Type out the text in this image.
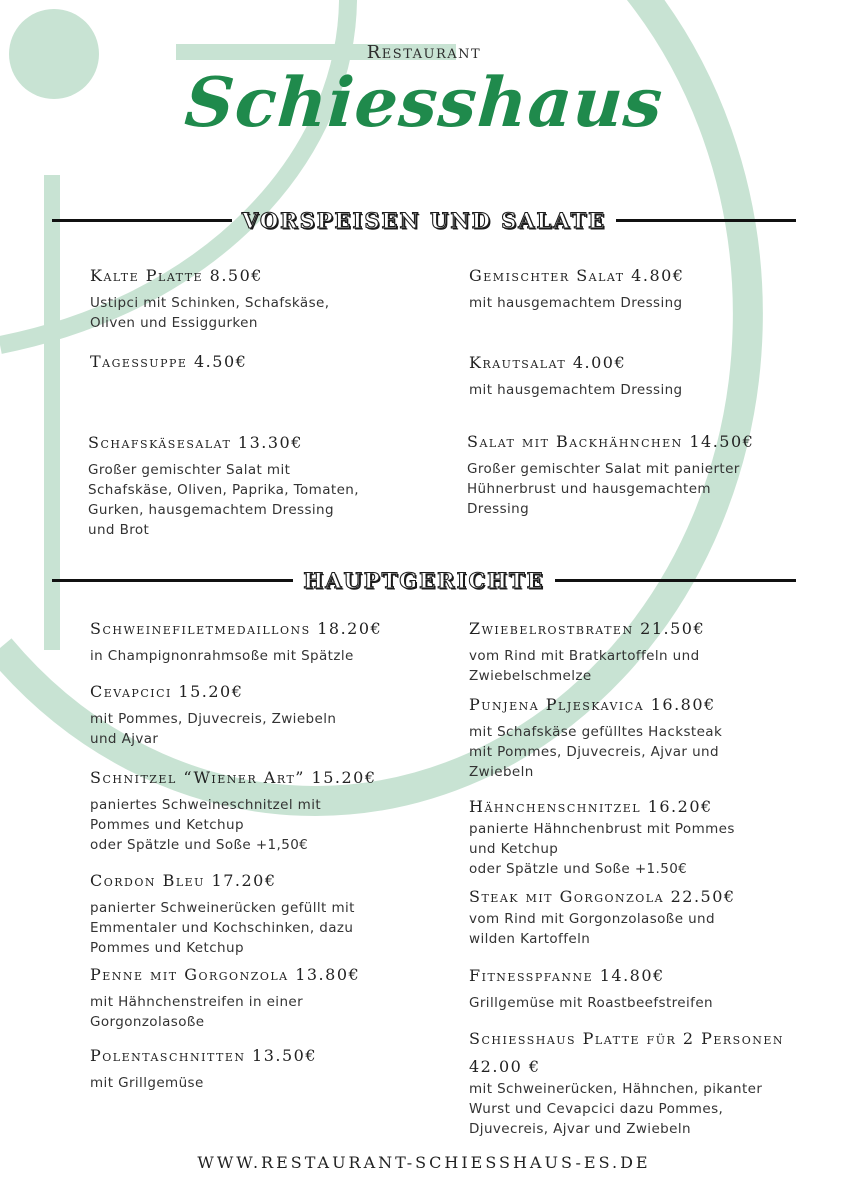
Restaurant
Schiesshaus
VORSPEISEN UND SALATE
Kalte Platte 8.50€
Ustipci mit Schinken, Schafskäse,
Oliven und Essiggurken
Gemischter Salat 4.80€
mit hausgemachtem Dressing
Tagessuppe 4.50€	Krautsalat 4.00€
mit hausgemachtem Dressing
Schafskäsesalat 13.30€
Großer gemischter Salat mit
Schafskäse, Oliven, Paprika, Tomaten,
Gurken, hausgemachtem Dressing
und Brot
Salat mit Backhähnchen 14.50€
Großer gemischter Salat mit panierter
Hühnerbrust und hausgemachtem
Dressing
HAUPTGERICHTE
Schweinefiletmedaillons 18.20€
in Champignonrahmsoße mit Spätzle
Cevapcici 15.20€
mit Pommes, Djuvecreis, Zwiebeln
und Ajvar
Schnitzel “Wiener Art” 15.20€
paniertes Schweineschnitzel mit
Pommes und Ketchup
oder Spätzle und Soße +1,50€
Cordon Bleu 17.20€
panierter Schweinerücken gefüllt mit
Emmentaler und Kochschinken, dazu
Pommes und Ketchup
Penne mit Gorgonzola 13.80€
mit Hähnchenstreifen in einer
Gorgonzolasoße
Polentaschnitten 13.50€
mit Grillgemüse
Zwiebelrostbraten 21.50€
vom Rind mit Bratkartoffeln und
Zwiebelschmelze
Punjena Pljeskavica 16.80€
mit Schafskäse gefülltes Hacksteak
mit Pommes, Djuvecreis, Ajvar und
Zwiebeln
Hähnchenschnitzel 16.20€
panierte Hähnchenbrust mit Pommes
und Ketchup
oder Spätzle und Soße +1.50€
Steak mit Gorgonzola 22.50€
vom Rind mit Gorgonzolasoße und
wilden Kartoffeln
Fitnesspfanne 14.80€
Grillgemüse mit Roastbeefstreifen
Schiesshaus Platte für 2 Personen
42.00 €
mit Schweinerücken, Hähnchen, pikanter
Wurst und Cevapcici dazu Pommes,
Djuvecreis, Ajvar und Zwiebeln
WWW.RESTAURANT-SCHIESSHAUS-ES.DE
